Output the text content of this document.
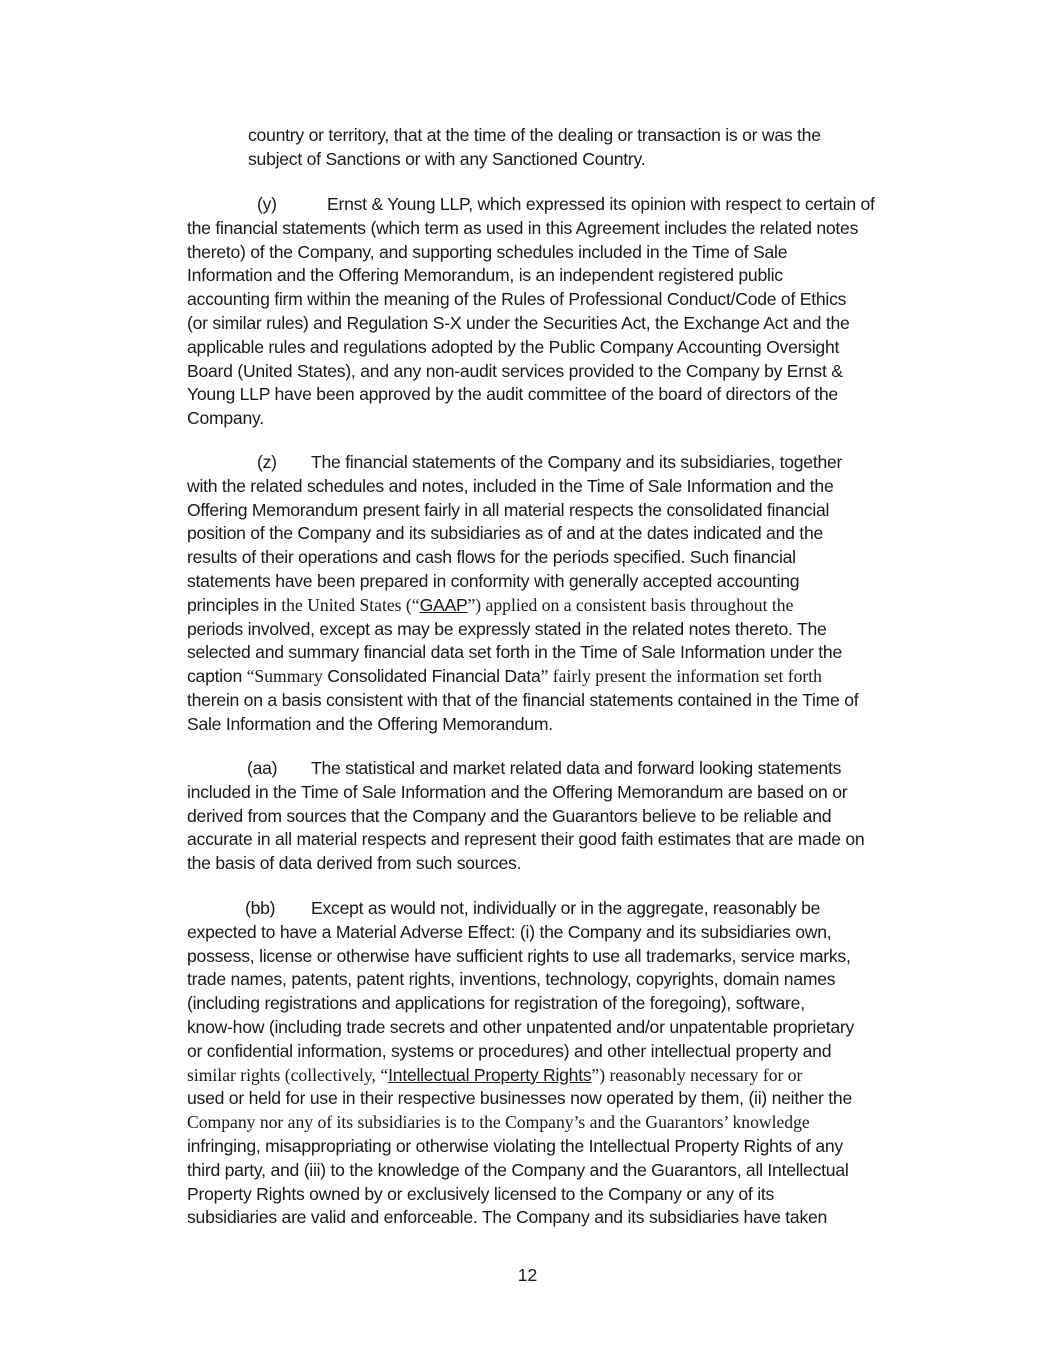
country or territory, that at the time of the dealing or transaction is or was the
subject of Sanctions or with any Sanctioned Country.

(y)	Ernst & Young LLP, which expressed its opinion with respect to certain of
the financial statements (which term as used in this Agreement includes the related notes
thereto) of the Company, and supporting schedules included in the Time of Sale
Information and the Offering Memorandum, is an independent registered public
accounting firm within the meaning of the Rules of Professional Conduct/Code of Ethics
(or similar rules) and Regulation S-X under the Securities Act, the Exchange Act and the
applicable rules and regulations adopted by the Public Company Accounting Oversight
Board (United States), and any non-audit services provided to the Company by Ernst &
Young LLP have been approved by the audit committee of the board of directors of the
Company.

(z) The financial statements of the Company and its subsidiaries, together
with the related schedules and notes, included in the Time of Sale Information and the
Offering Memorandum present fairly in all material respects the consolidated financial
position of the Company and its subsidiaries as of and at the dates indicated and the
results of their operations and cash flows for the periods specified. Such financial
statements have been prepared in conformity with generally accepted accounting
principles in the United States (“GAAP”) applied on a consistent basis throughout the
periods involved, except as may be expressly stated in the related notes thereto. The
selected and summary financial data set forth in the Time of Sale Information under the
caption “Summary Consolidated Financial Data” fairly present the information set forth
therein on a basis consistent with that of the financial statements contained in the Time of
Sale Information and the Offering Memorandum.

(aa) The statistical and market related data and forward looking statements
included in the Time of Sale Information and the Offering Memorandum are based on or
derived from sources that the Company and the Guarantors believe to be reliable and
accurate in all material respects and represent their good faith estimates that are made on
the basis of data derived from such sources.

(bb) Except as would not, individually or in the aggregate, reasonably be
expected to have a Material Adverse Effect: (i) the Company and its subsidiaries own,
possess, license or otherwise have sufficient rights to use all trademarks, service marks,
trade names, patents, patent rights, inventions, technology, copyrights, domain names
(including registrations and applications for registration of the foregoing), software,
know-how (including trade secrets and other unpatented and/or unpatentable proprietary
or confidential information, systems or procedures) and other intellectual property and
similar rights (collectively, “Intellectual Property Rights”) reasonably necessary for or
used or held for use in their respective businesses now operated by them, (ii) neither the
Company nor any of its subsidiaries is to the Company’s and the Guarantors’ knowledge
infringing, misappropriating or otherwise violating the Intellectual Property Rights of any
third party, and (iii) to the knowledge of the Company and the Guarantors, all Intellectual
Property Rights owned by or exclusively licensed to the Company or any of its
subsidiaries are valid and enforceable. The Company and its subsidiaries have taken

12
